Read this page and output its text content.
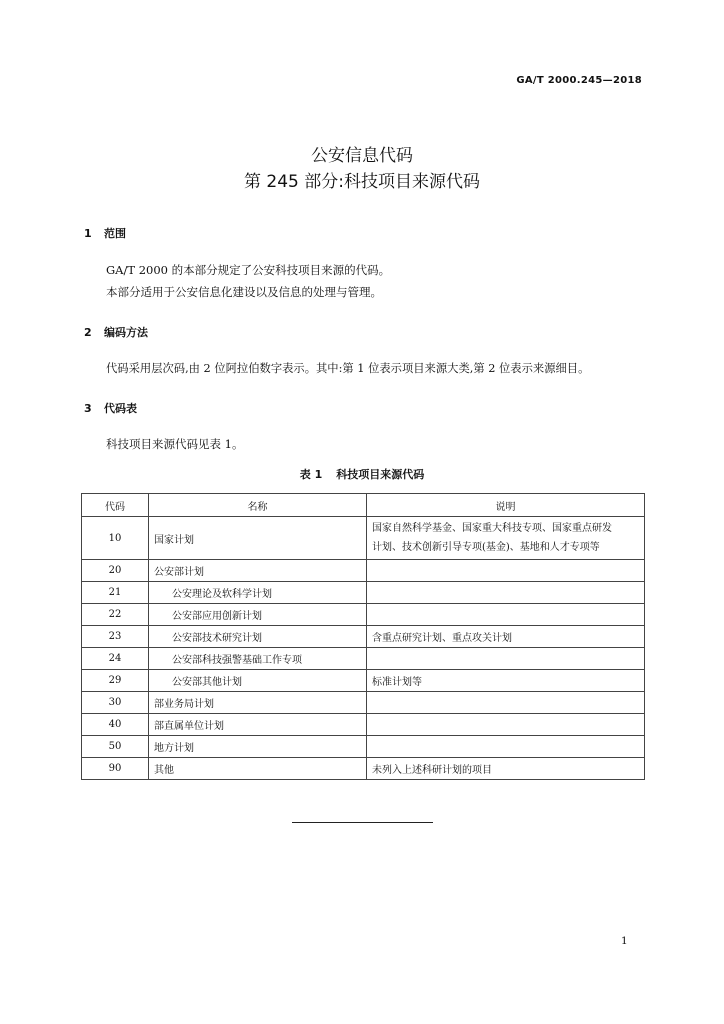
GA/T 2000.245—2018
公安信息代码
第 245 部分:科技项目来源代码
1 范围
GA/T 2000 的本部分规定了公安科技项目来源的代码。
本部分适用于公安信息化建设以及信息的处理与管理。
2 编码方法
代码采用层次码,由 2 位阿拉伯数字表示。其中:第 1 位表示项目来源大类,第 2 位表示来源细目。
3 代码表
科技项目来源代码见表 1。
表 1 科技项目来源代码
代码	名称	说明
10	国家计划	国家自然科学基金、国家重大科技专项、国家重点研发
计划、技术创新引导专项(基金)、基地和人才专项等

20	公安部计划	
21	公安理论及软科学计划	
22	公安部应用创新计划	
23	公安部技术研究计划	含重点研究计划、重点攻关计划
24	公安部科技强警基础工作专项	
29	公安部其他计划	标准计划等
30	部业务局计划	
40	部直属单位计划	
50	地方计划	
90	其他	未列入上述科研计划的项目
1
